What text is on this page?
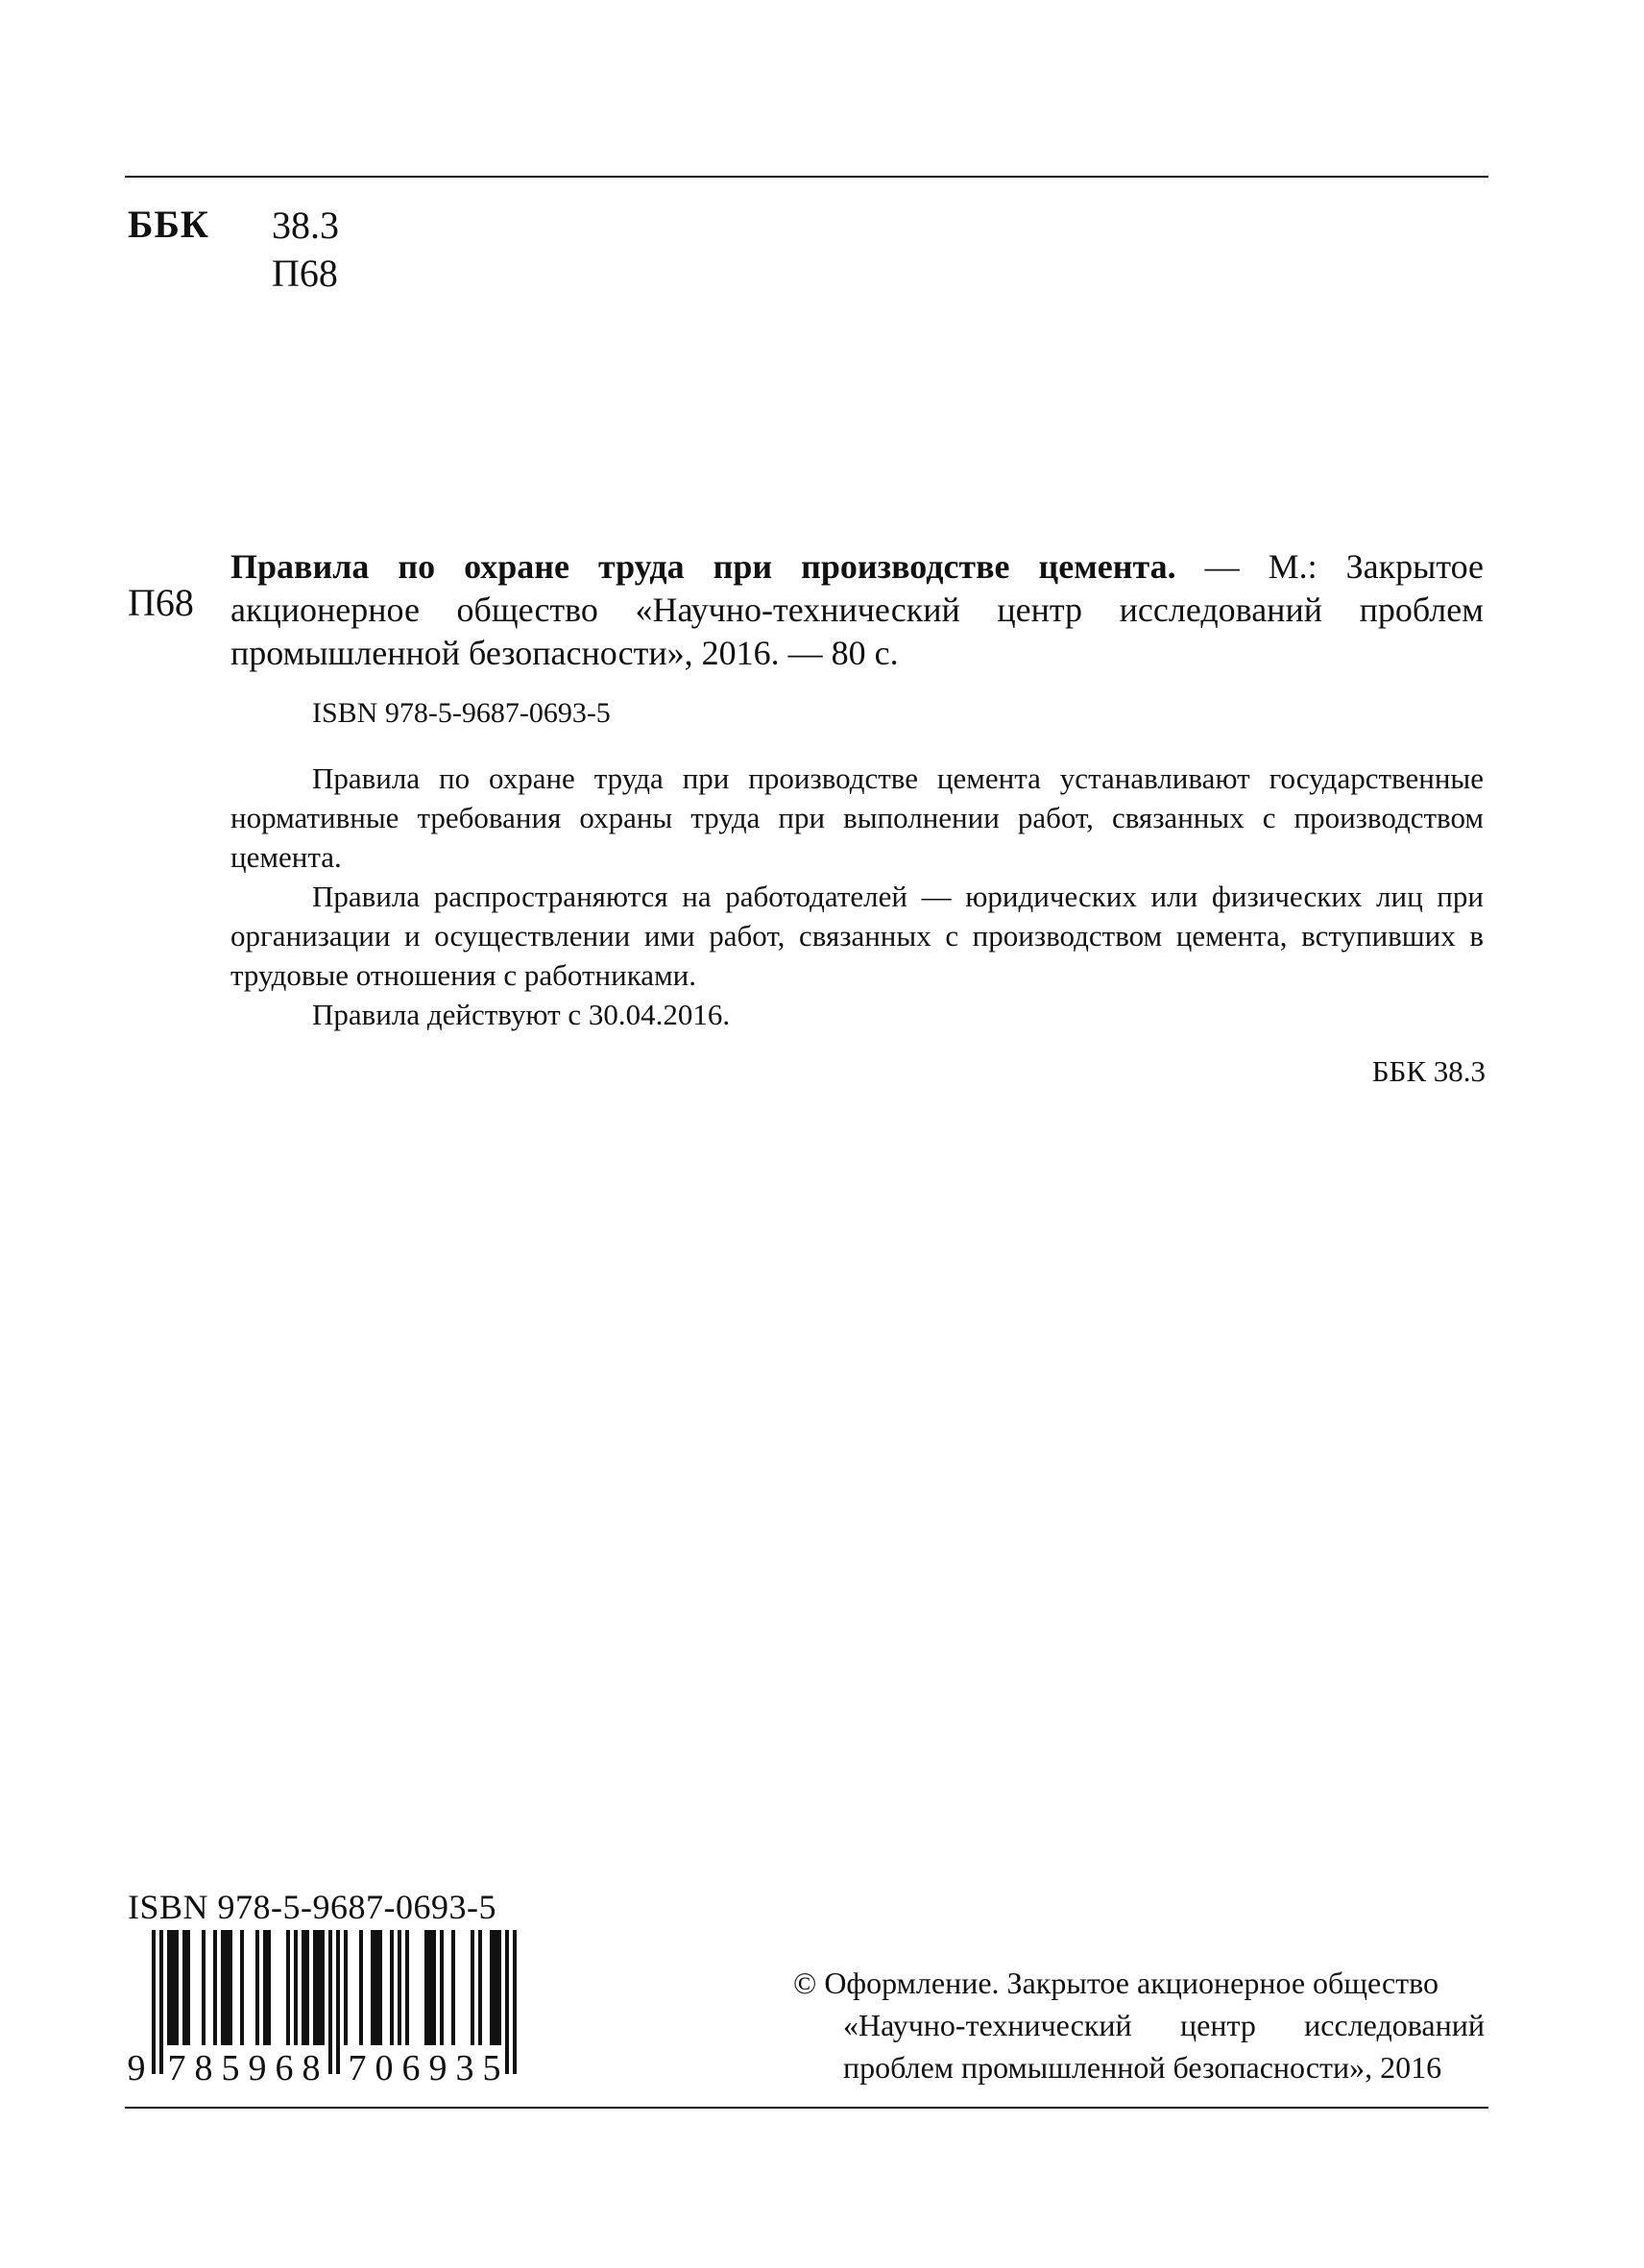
ББК 38.3
П68
П68
Правила по охране труда при производстве цемента. — М.: Закрытое акционерное общество «Научно-технический центр исследований проблем промышленной безопасности», 2016. — 80 с.
ISBN 978-5-9687-0693-5

Правила по охране труда при производстве цемента устанавливают государственные нормативные требования охраны труда при выполнении работ, связанных с производством цемента.

Правила распространяются на работодателей — юридических или физических лиц при организации и осуществлении ими работ, связанных с производством цемента, вступивших в трудовые отношения с работниками.

Правила действуют с 30.04.2016.

ББК 38.3
ISBN 978-5-9687-0693-5
9 7 8 5 9 6 8 7 0 6 9 3 5
© Оформление. Закрытое акционерное общество
«Научно-технический центр исследований
проблем промышленной безопасности», 2016
